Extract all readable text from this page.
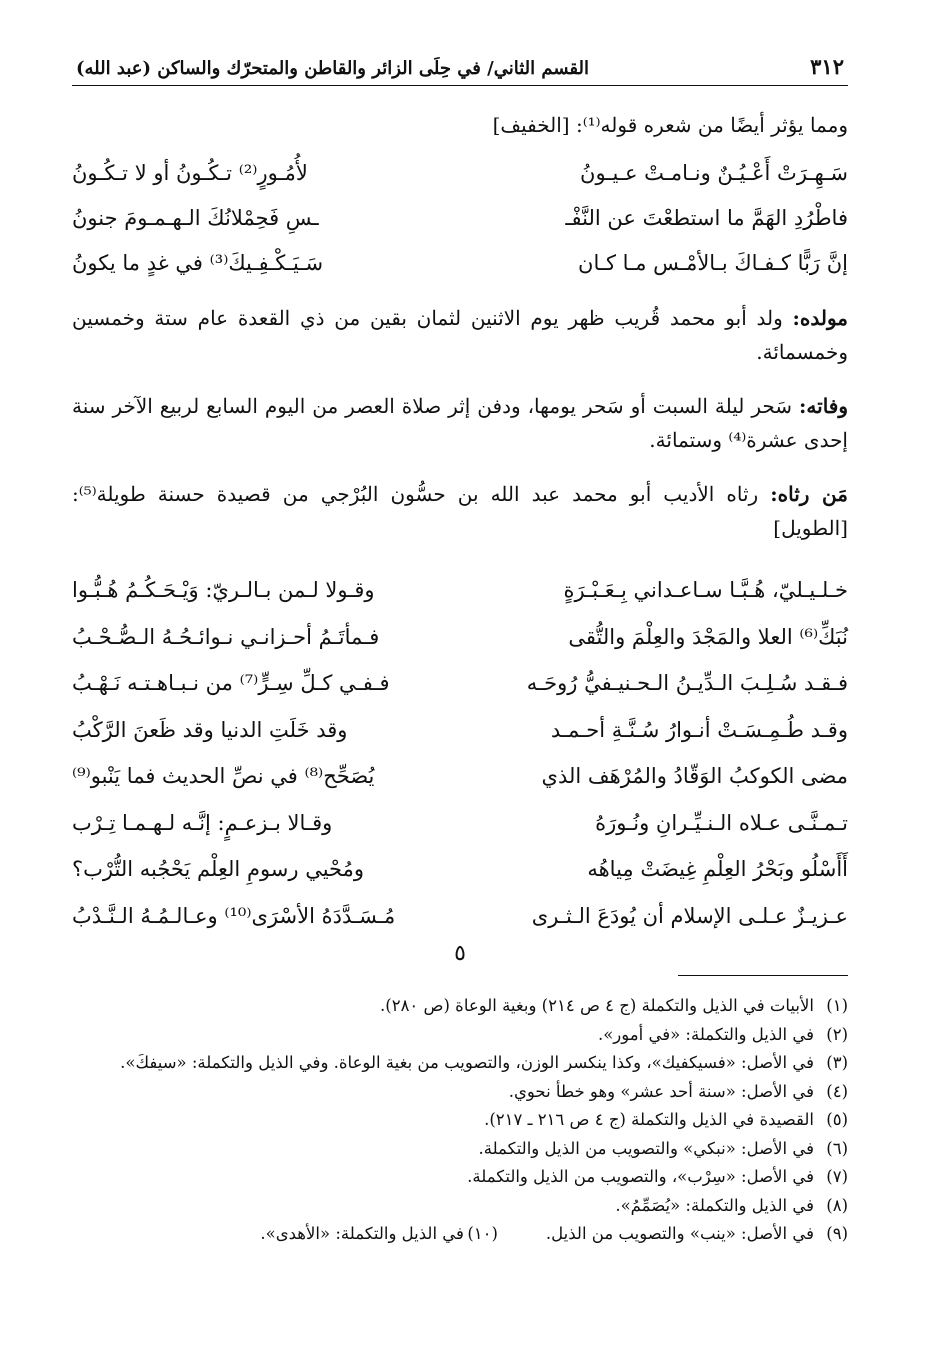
٣١٢
القسم الثاني/ في حِلَى الزائر والقاطن والمتحرّك والساكن (عبد الله)
ومما يؤثر أيضًا من شعره قوله⁽¹⁾: [الخفيف]
سَـهِـرَتْ أَعْـيُـنٌ ونـامـتْ عـيـونُ
لأُمُـورٍ⁽²⁾ تـكُـونُ أو لا تـكُـونُ
فاطْرُدِ الهَمَّ ما استطعْتَ عن النَّفْـ
ـسِ فَحِمْلانُكَ الـهـمـومَ جنونُ
إنَّ رَبًّا كـفـاكَ بـالأمْـس مـا كـان
سَـيَـكْـفِـيكَ⁽³⁾ في غدٍ ما يكونُ

مولده: ولد أبو محمد قُريب ظهر يوم الاثنين لثمان بقين من ذي القعدة عام ستة وخمسين وخمسمائة.

وفاته: سَحر ليلة السبت أو سَحر يومها، ودفن إثر صلاة العصر من اليوم السابع لربيع الآخر سنة إحدى عشرة⁽⁴⁾ وستمائة.

مَن رثاه: رثاه الأديب أبو محمد عبد الله بن حسُّون البُرْجي من قصيدة حسنة طويلة⁽⁵⁾: [الطويل]

خـلـيـليّ، هُـبَّـا سـاعـداني بِـعَـبْـرَةٍ
وقـولا لـمن بـالـريّ: وَيْـحَـكُـمُ هُـبُّـوا
نُبَكِّ⁽⁶⁾ العلا والمَجْدَ والعِلْمَ والتُّقى
فـمأتَـمُ أحـزانـي نـوائـحُـهُ الـصُّـحْـبُ
فـقـد سُـلِـبَ الـدِّيـنُ الـحـنيـفيُّ رُوحَـه
فـفـي كـلِّ سِـرٍّ⁽⁷⁾ من نـبـاهـتـه نَـهْـبُ
وقـد طُـمِـسَـتْ أنـوارُ سُـنَّـةِ أحـمـد
وقد خَلَتِ الدنيا وقد ظَعنَ الرَّكْبُ
مضى الكوكبُ الوَقّادُ والمُرْهَف الذي
يُصَحِّح⁽⁸⁾ في نصِّ الحديث فما يَنْبو⁽⁹⁾
تـمـنَّـى عـلاه الـنـيِّـرانِ ونُـورَهُ
وقـالا بـزعـمٍ: إنَّـه لـهـمـا تِـرْب
أَأَسْلُو وبَحْرُ العِلْمِ غِيضَتْ مِياهُه
ومُحْيي رسومِ العِلْم يَحْجُبه التُّرْب؟
عـزيـزٌ عـلـى الإسلام أن يُودَعَ الـثـرى
مُـسَـدَّدَهُ الأسْرَى⁽¹⁰⁾ وعـالـمُـهُ الـنَّـدْبُ
٥
(١)
الأبيات في الذيل والتكملة (ج ٤ ص ٢١٤) وبغية الوعاة (ص ٢٨٠).
(٢)
في الذيل والتكملة: «في أمور».
(٣)
في الأصل: «فسيكفيك»، وكذا ينكسر الوزن، والتصويب من بغية الوعاة. وفي الذيل والتكملة: «سيفكَ».
(٤)
في الأصل: «سنة أحد عشر» وهو خطأ نحوي.
(٥)
القصيدة في الذيل والتكملة (ج ٤ ص ٢١٦ ـ ٢١٧).
(٦)
في الأصل: «نبكي» والتصويب من الذيل والتكملة.
(٧)
في الأصل: «سِرْب»، والتصويب من الذيل والتكملة.
(٨)
في الذيل والتكملة: «يُصَمِّمُ».
(٩)
في الأصل: «ينب» والتصويب من الذيل.
(١٠)
في الذيل والتكملة: «الأهدى».
